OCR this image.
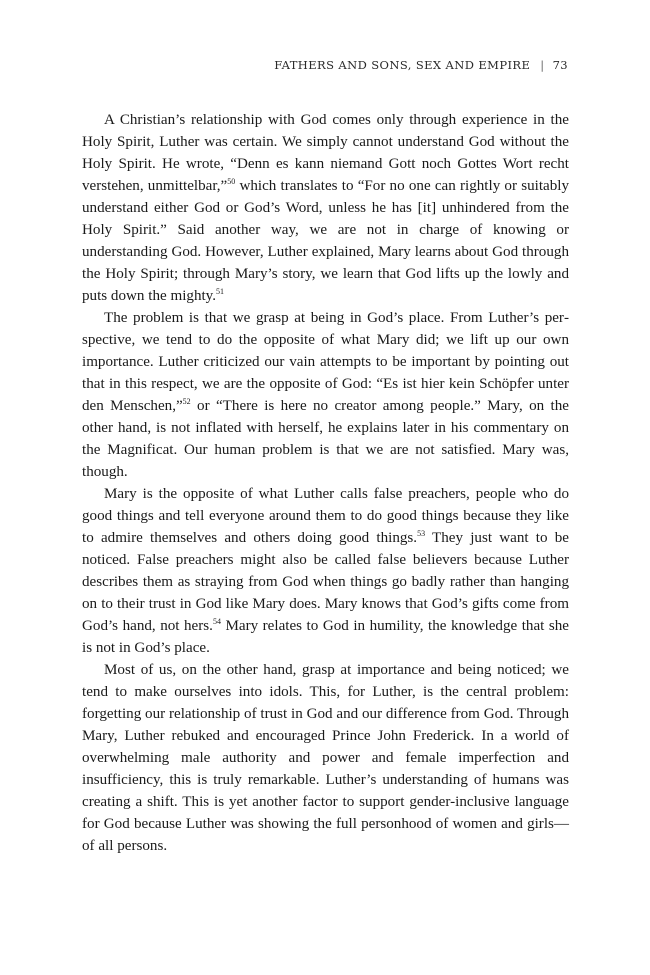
FATHERS AND SONS, SEX AND EMPIRE | 73

A Christian’s relationship with God comes only through experience in the Holy Spirit, Luther was certain. We simply cannot understand God without the Holy Spirit. He wrote, “Denn es kann niemand Gott noch Gottes Wort recht verstehen, unmittelbar,”$^{50}$ which translates to “For no one can rightly or suitably understand either God or God’s Word, unless he has [it] unhindered from the Holy Spirit.” Said another way, we are not in charge of knowing or understanding God. However, Luther explained, Mary learns about God through the Holy Spirit; through Mary’s story, we learn that God lifts up the lowly and puts down the mighty.$^{51}$

The problem is that we grasp at being in God’s place. From Luther’s perspective, we tend to do the opposite of what Mary did; we lift up our own importance. Luther criticized our vain attempts to be important by pointing out that in this respect, we are the opposite of God: “Es ist hier kein Schöpfer unter den Menschen,”$^{52}$ or “There is here no creator among people.” Mary, on the other hand, is not inflated with herself, he explains later in his commentary on the Magnificat. Our human problem is that we are not satisfied. Mary was, though.

Mary is the opposite of what Luther calls false preachers, people who do good things and tell everyone around them to do good things because they like to admire themselves and others doing good things.$^{53}$ They just want to be noticed. False preachers might also be called false believers because Luther describes them as straying from God when things go badly rather than hanging on to their trust in God like Mary does. Mary knows that God’s gifts come from God’s hand, not hers.$^{54}$ Mary relates to God in humility, the knowledge that she is not in God’s place.

Most of us, on the other hand, grasp at importance and being noticed; we tend to make ourselves into idols. This, for Luther, is the central problem: forgetting our relationship of trust in God and our difference from God. Through Mary, Luther rebuked and encouraged Prince John Frederick. In a world of overwhelming male authority and power and female imperfection and insufficiency, this is truly remarkable. Luther’s understanding of humans was creating a shift. This is yet another factor to support gender-inclusive language for God because Luther was showing the full personhood of women and girls—of all persons.
